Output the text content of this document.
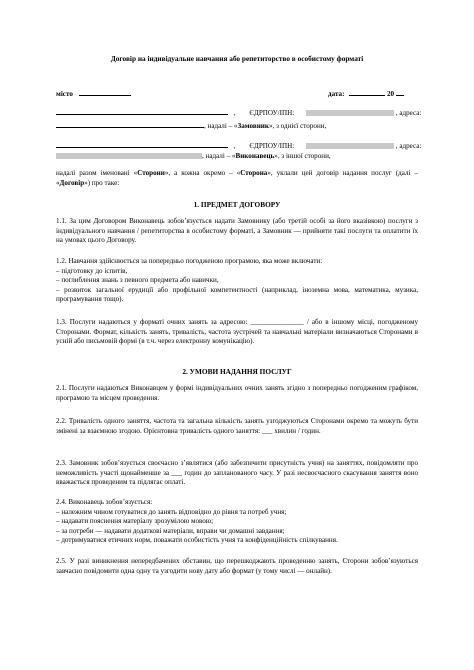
Договір на індивідуальне навчання або репетиторство в особистому форматі
місто	дата:	20
, ЄДРПОУ/ІПН:	, адреса:
, надалі – «Замовник», з однієї сторони,
, ЄДРПОУ/ІПН:	, адреса:
, надалі – «Виконавець», з іншої сторони,

надалі разом іменовані «Сторони», а кожна окремо – «Сторона», уклали цей договір надання послуг (далі – «Договір») про таке:

1. ПРЕДМЕТ ДОГОВОРУ

1.1. За цим Договором Виконавець зобов’язується надати Замовнику (або третій особі за його вказівкою) послуги з індивідуального навчання / репетиторства в особистому форматі, а Замовник — прийняти такі послуги та оплатити їх на умовах цього Договору.

1.2. Навчання здійснюється за попередньо погодженою програмою, яка може включати:

– підготовку до іспитів,

– поглиблення знань з певного предмета або навички,

– розвиток загальної ерудиції або профільної компетентності (наприклад, іноземна мова, математика, музика, програмування тощо).

1.3. Послуги надаються у форматі очних занять за адресою: _______________ / або в іншому місці, погодженому Сторонами. Формат, кількість занять, тривалість, частота зустрічей та навчальні матеріали визначаються Сторонами в усній або письмовій формі (в т.ч. через електронну комунікацію).

2. УМОВИ НАДАННЯ ПОСЛУГ

2.1. Послуги надаються Виконавцем у формі індивідуальних очних занять згідно з попередньо погодженим графіком, програмою та місцем проведення.

2.2. Тривалість одного заняття, частота та загальна кількість занять узгоджуються Сторонами окремо та можуть бути змінені за взаємною згодою. Орієнтовна тривалість одного заняття: ___ хвилин / годин.

2.3. Замовник зобов’язується своєчасно з’являтися (або забезпечити присутність учня) на заняттях, повідомляти про неможливість участі щонайменше за ___ годин до запланованого часу. У разі несвоєчасного скасування заняття воно вважається проведеним та підлягає оплаті.

2.4. Виконавець зобов’язується:

– належним чином готуватися до занять відповідно до рівня та потреб учня;

– надавати пояснення матеріалу зрозумілою мовою;

– за потреби — надавати додаткові матеріали, вправи чи домашні завдання;

– дотримуватися етичних норм, поважати особистість учня та конфіденційність спілкування.

2.5. У разі виникнення непередбачених обставин, що перешкоджають проведенню занять, Сторони зобов’язуються завчасно повідомити одна одну та узгодити нову дату або формат (у тому числі — онлайн).
